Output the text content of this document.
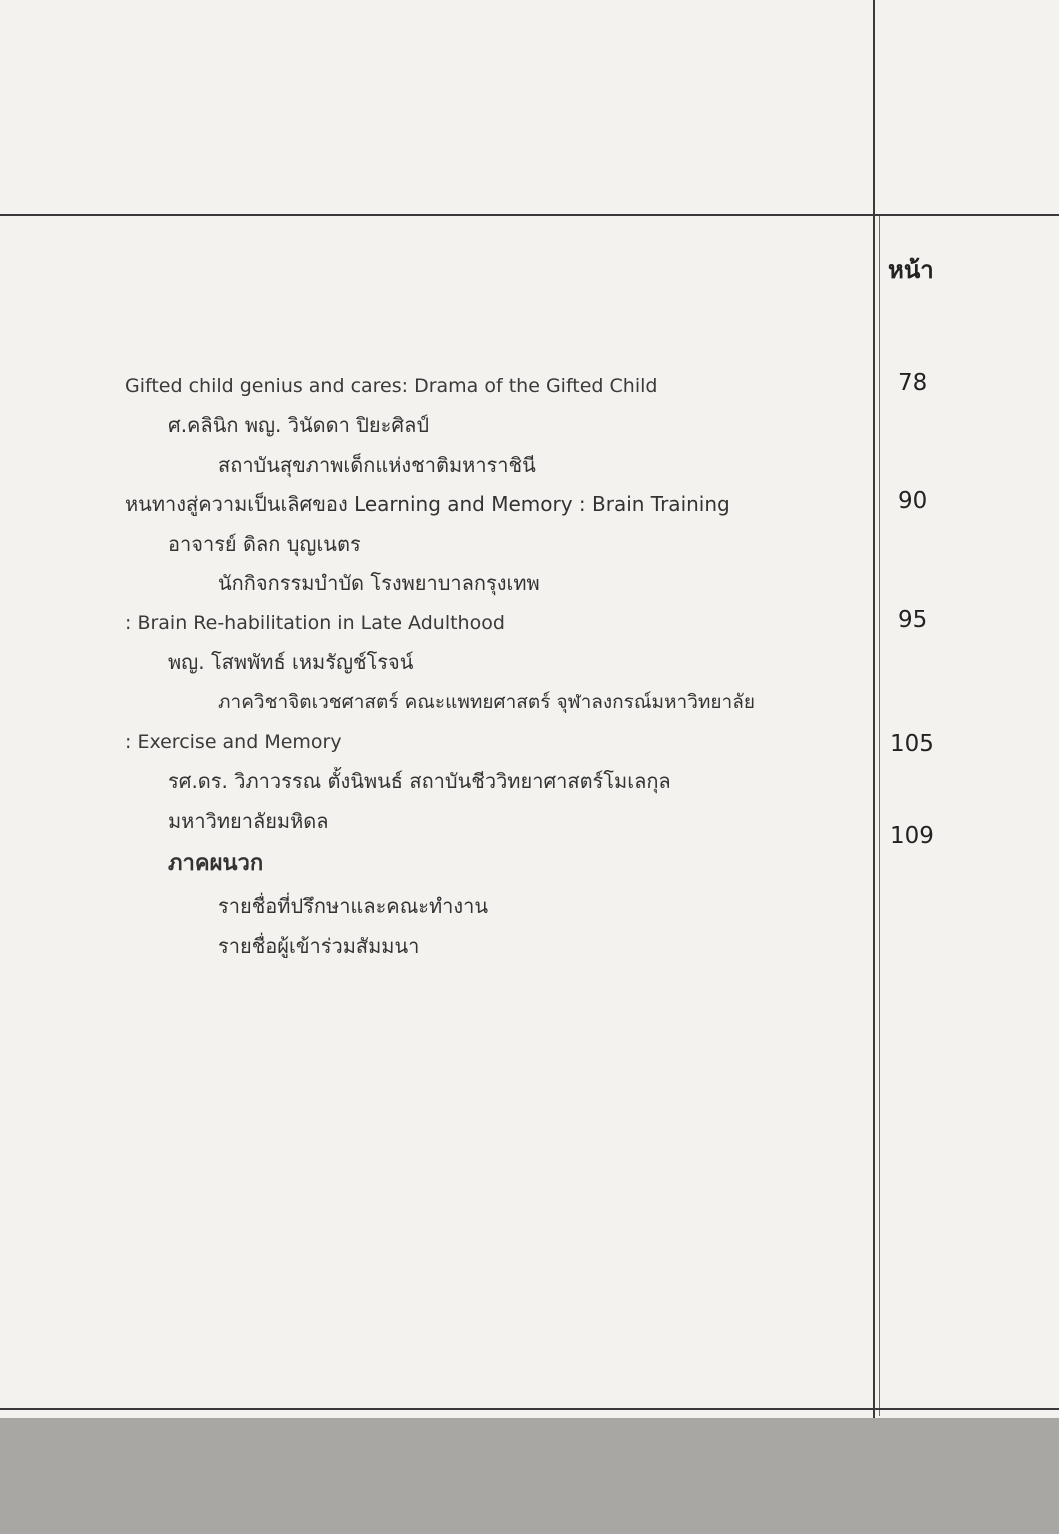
หน้า
Gifted child genius and cares: Drama of the Gifted Child
ศ.คลินิก พญ. วินัดดา ปิยะศิลป์
สถาบันสุขภาพเด็กแห่งชาติมหาราชินี
78
หนทางสู่ความเป็นเลิศของ Learning and Memory : Brain Training
อาจารย์ ดิลก บุญเนตร
นักกิจกรรมบำบัด โรงพยาบาลกรุงเทพ
90
: Brain Re-habilitation in Late Adulthood
พญ. โสพพัทธ์ เหมรัญช์โรจน์
ภาควิชาจิตเวชศาสตร์ คณะแพทยศาสตร์ จุฬาลงกรณ์มหาวิทยาลัย
95
: Exercise and Memory
รศ.ดร. วิภาวรรณ ตั้งนิพนธ์ สถาบันชีววิทยาศาสตร์โมเลกุล
มหาวิทยาลัยมหิดล
105
ภาคผนวก
รายชื่อที่ปรึกษาและคณะทำงาน
รายชื่อผู้เข้าร่วมสัมมนา
109
